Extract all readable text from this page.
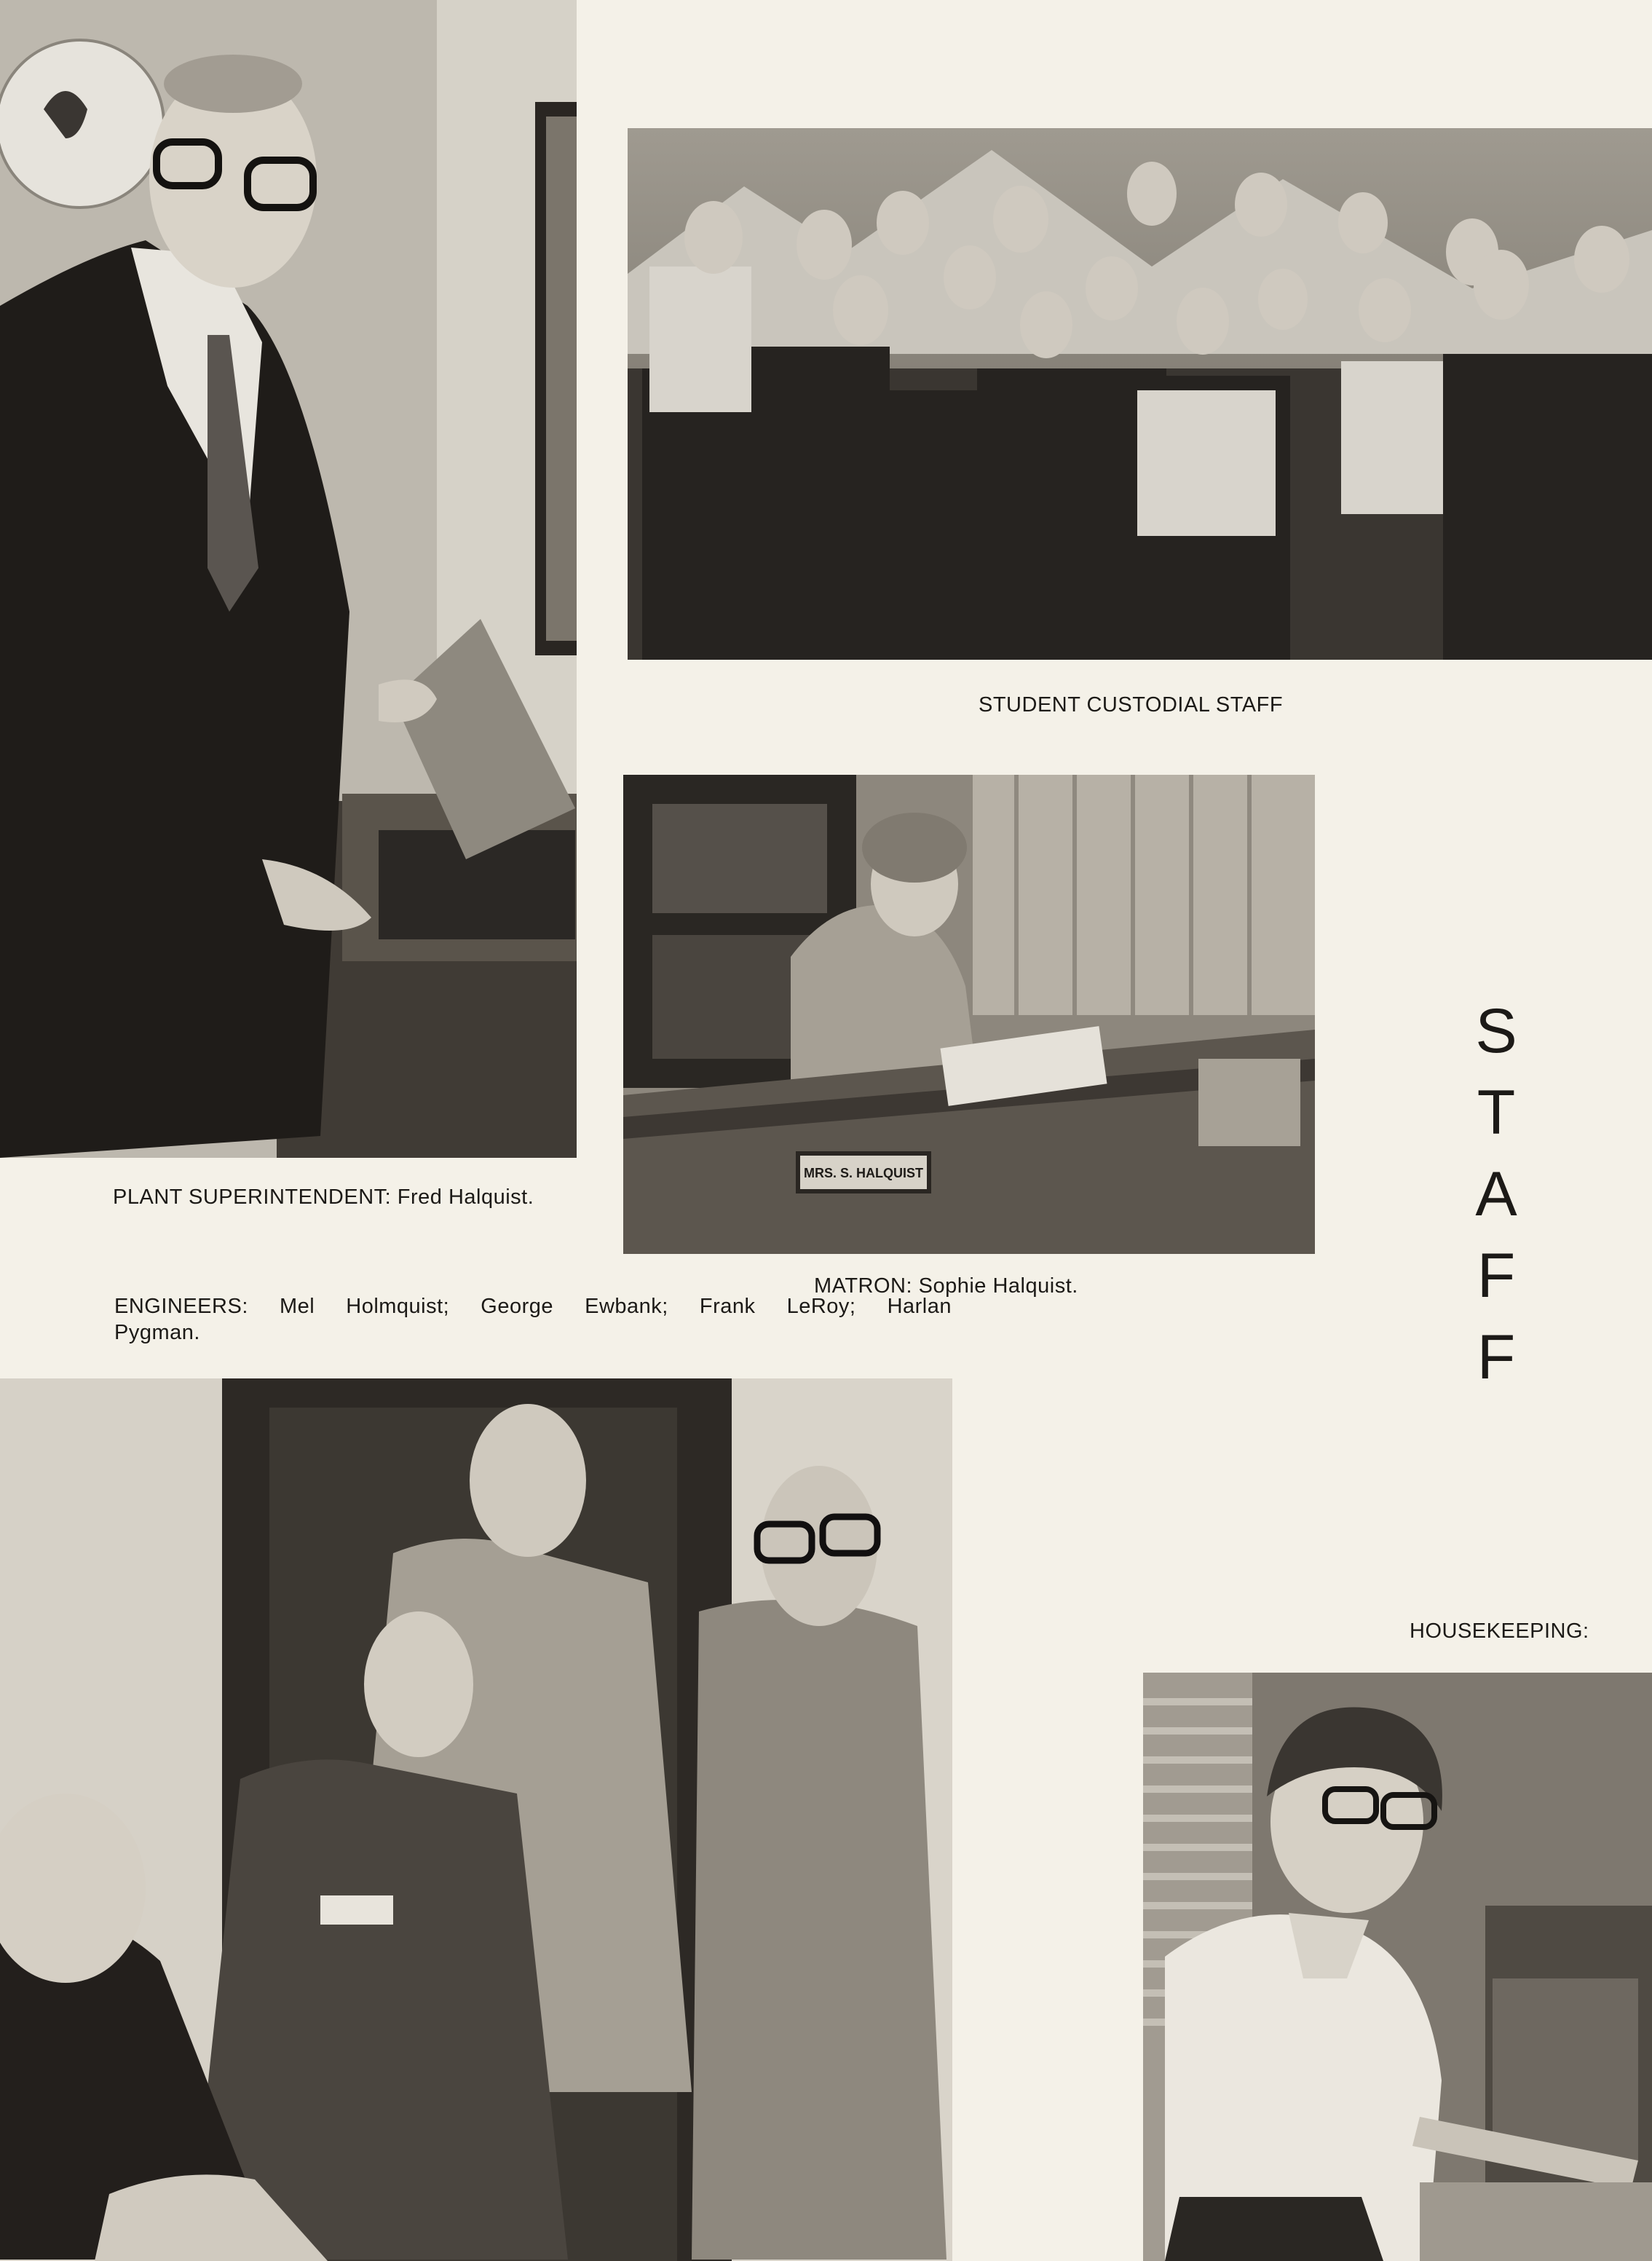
MRS. S. HALQUIST
STUDENT CUSTODIAL STAFF
PLANT SUPERINTENDENT: Fred Halquist.
MATRON: Sophie Halquist.
ENGINEERS: Mel Holmquist; George Ewbank; Frank LeRoy; Harlan
Pygman.
HOUSEKEEPING:
S
T
A
F
F
